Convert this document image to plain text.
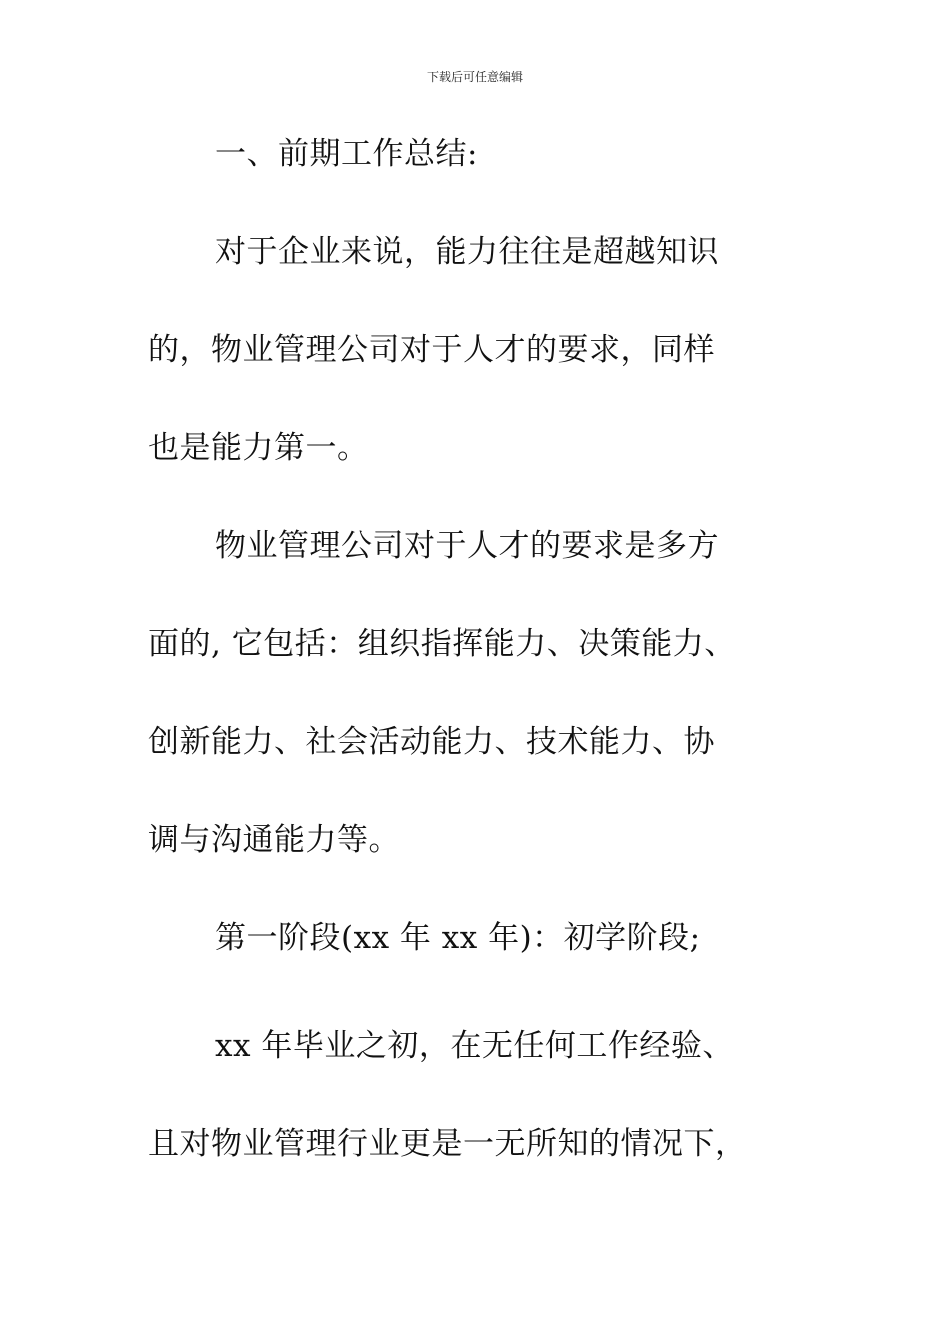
下载后可任意编辑
一、前期工作总结:
对于企业来说，能力往往是超越知识
的，物业管理公司对于人才的要求，同样
也是能力第一。
物业管理公司对于人才的要求是多方
面的, 它包括：组织指挥能力、决策能力、
创新能力、社会活动能力、技术能力、协
调与沟通能力等。
第一阶段(xx 年 xx 年)：初学阶段;
xx 年毕业之初，在无任何工作经验、
且对物业管理行业更是一无所知的情况下，
